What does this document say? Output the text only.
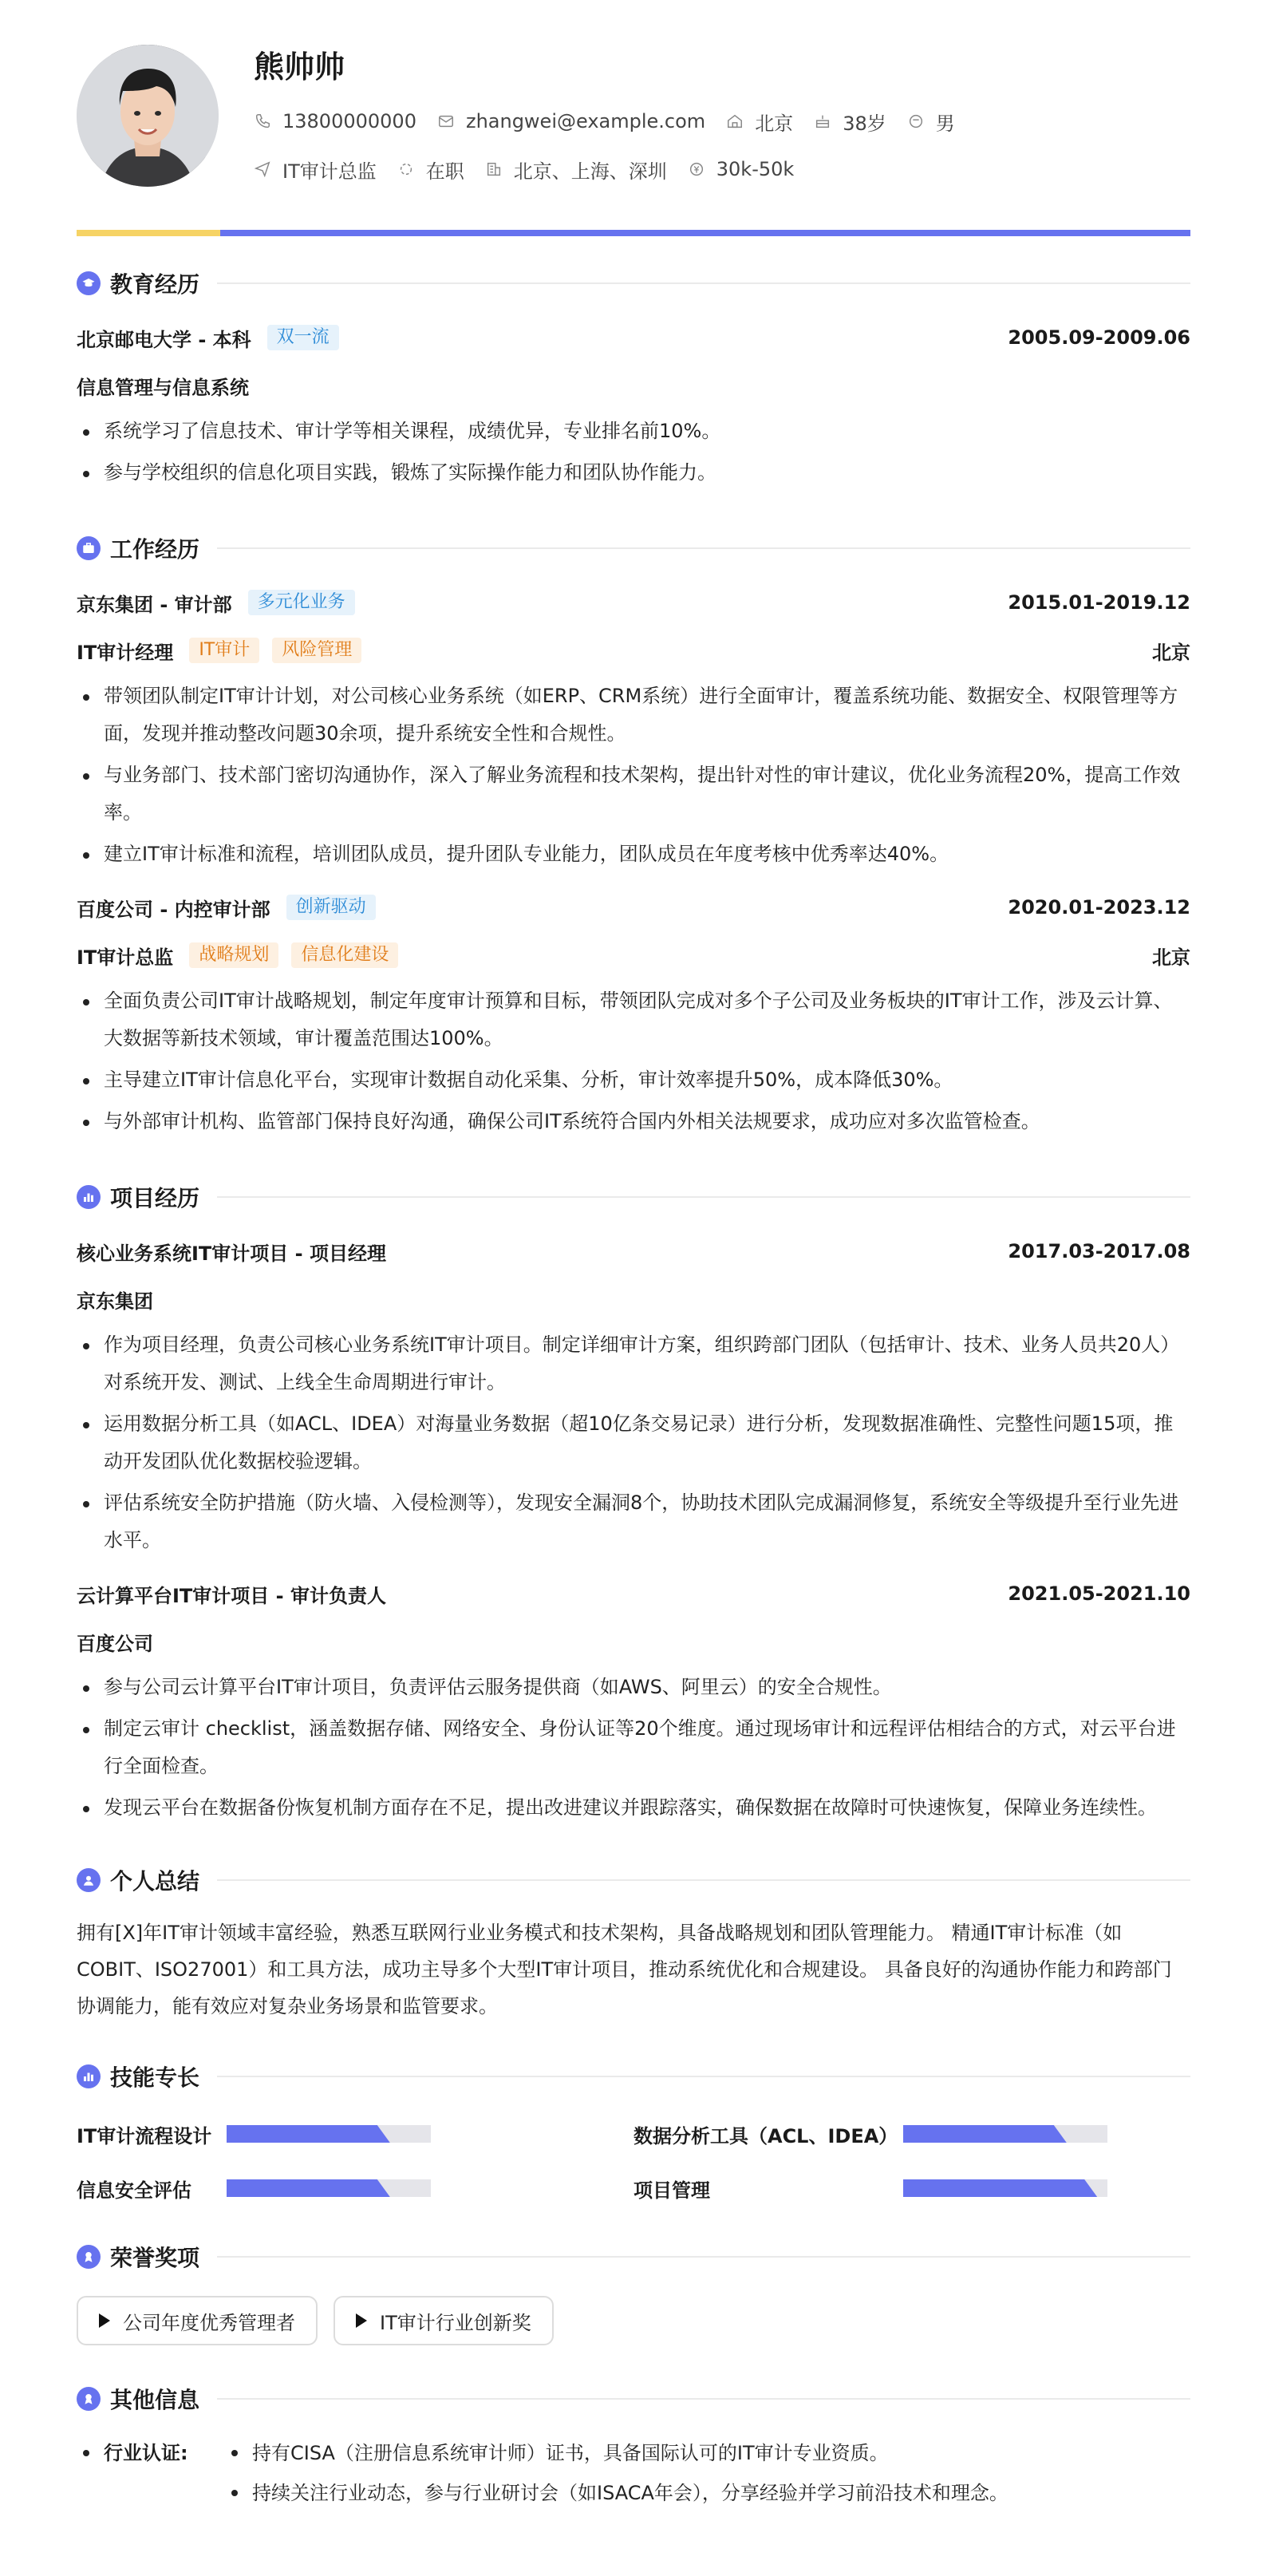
熊帅帅
13800000000	zhangwei@example.com	北京	38岁	男
IT审计总监	在职	北京、上海、深圳	30k-50k
教育经历
北京邮电大学 - 本科	双一流	2005.09-2009.06
信息管理与信息系统
系统学习了信息技术、审计学等相关课程，成绩优异，专业排名前10%。
参与学校组织的信息化项目实践，锻炼了实际操作能力和团队协作能力。
工作经历
京东集团 - 审计部	多元化业务	2015.01-2019.12
IT审计经理	IT审计	风险管理	北京
带领团队制定IT审计计划，对公司核心业务系统（如ERP、CRM系统）进行全面审计，覆盖系统功能、数据安全、权限管理等方面，发现并推动整改问题30余项，提升系统安全性和合规性。
与业务部门、技术部门密切沟通协作，深入了解业务流程和技术架构，提出针对性的审计建议，优化业务流程20%，提高工作效率。
建立IT审计标准和流程，培训团队成员，提升团队专业能力，团队成员在年度考核中优秀率达40%。
百度公司 - 内控审计部	创新驱动	2020.01-2023.12
IT审计总监	战略规划	信息化建设	北京
全面负责公司IT审计战略规划，制定年度审计预算和目标，带领团队完成对多个子公司及业务板块的IT审计工作，涉及云计算、大数据等新技术领域，审计覆盖范围达100%。
主导建立IT审计信息化平台，实现审计数据自动化采集、分析，审计效率提升50%，成本降低30%。
与外部审计机构、监管部门保持良好沟通，确保公司IT系统符合国内外相关法规要求，成功应对多次监管检查。
项目经历
核心业务系统IT审计项目 - 项目经理	2017.03-2017.08
京东集团
作为项目经理，负责公司核心业务系统IT审计项目。制定详细审计方案，组织跨部门团队（包括审计、技术、业务人员共20人）对系统开发、测试、上线全生命周期进行审计。
运用数据分析工具（如ACL、IDEA）对海量业务数据（超10亿条交易记录）进行分析，发现数据准确性、完整性问题15项，推动开发团队优化数据校验逻辑。
评估系统安全防护措施（防火墙、入侵检测等），发现安全漏洞8个，协助技术团队完成漏洞修复，系统安全等级提升至行业先进水平。
云计算平台IT审计项目 - 审计负责人	2021.05-2021.10
百度公司
参与公司云计算平台IT审计项目，负责评估云服务提供商（如AWS、阿里云）的安全合规性。
制定云审计 checklist，涵盖数据存储、网络安全、身份认证等20个维度。通过现场审计和远程评估相结合的方式，对云平台进行全面检查。
发现云平台在数据备份恢复机制方面存在不足，提出改进建议并跟踪落实，确保数据在故障时可快速恢复，保障业务连续性。
个人总结
拥有[X]年IT审计领域丰富经验，熟悉互联网行业业务模式和技术架构，具备战略规划和团队管理能力。 精通IT审计标准（如COBIT、ISO27001）和工具方法，成功主导多个大型IT审计项目，推动系统优化和合规建设。 具备良好的沟通协作能力和跨部门协调能力，能有效应对复杂业务场景和监管要求。
技能专长
IT审计流程设计	数据分析工具（ACL、IDEA）
信息安全评估	项目管理
荣誉奖项
公司年度优秀管理者	IT审计行业创新奖
其他信息
行业认证:	持有CISA（注册信息系统审计师）证书，具备国际认可的IT审计专业资质。
持续关注行业动态，参与行业研讨会（如ISACA年会），分享经验并学习前沿技术和理念。
